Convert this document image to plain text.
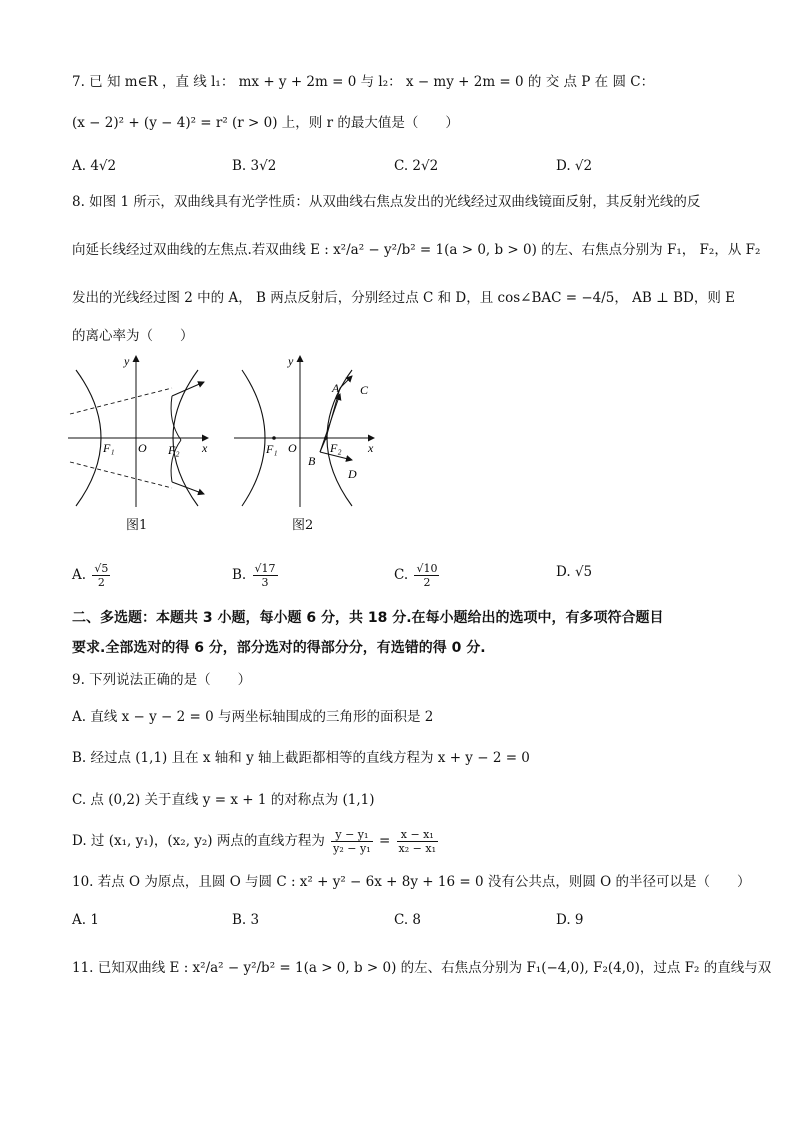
7. 已 知 m∈R ，直 线 l₁： mx + y + 2m = 0 与 l₂： x − my + 2m = 0 的 交 点 P 在 圆 C：
(x − 2)² + (y − 4)² = r² (r > 0) 上，则 r 的最大值是（　　）
A. 4√2	B. 3√2	C. 2√2	D. √2
8. 如图 1 所示，双曲线具有光学性质：从双曲线右焦点发出的光线经过双曲线镜面反射，其反射光线的反
向延长线经过双曲线的左焦点.若双曲线 E : x²/a² − y²/b² = 1(a > 0, b > 0) 的左、右焦点分别为 F₁， F₂，从 F₂
发出的光线经过图 2 中的 A， B 两点反射后，分别经过点 C 和 D，且 cos∠BAC = −4/5， AB ⊥ BD，则 E
的离心率为（　　）
y
x
O
F₁	F₂
图1
y
x
O
F₁	F₂
A
B
C
D
图2
A. $\frac{√5}{2}$	B. $\frac{√17}{3}$	C. $\frac{√10}{2}$	D. √5
二、多选题：本题共 3 小题，每小题 6 分，共 18 分.在每小题给出的选项中，有多项符合题目
要求.全部选对的得 6 分，部分选对的得部分分，有选错的得 0 分.
9. 下列说法正确的是（　　）
A. 直线 x − y − 2 = 0 与两坐标轴围成的三角形的面积是 2
B. 经过点 (1,1) 且在 x 轴和 y 轴上截距都相等的直线方程为 x + y − 2 = 0
C. 点 (0,2) 关于直线 y = x + 1 的对称点为 (1,1)
D. 过 (x₁, y₁)，(x₂, y₂) 两点的直线方程为 $\frac{\text{y − y₁}}{\text{y₂ − y₁}} = \frac{\text{x − x₁}}{\text{x₂ − x₁}}$
10. 若点 O 为原点，且圆 O 与圆 C : x² + y² − 6x + 8y + 16 = 0 没有公共点，则圆 O 的半径可以是（　　）
A. 1	B. 3	C. 8	D. 9
11. 已知双曲线 E : x²/a² − y²/b² = 1(a > 0, b > 0) 的左、右焦点分别为 F₁(−4,0), F₂(4,0)，过点 F₂ 的直线与双
